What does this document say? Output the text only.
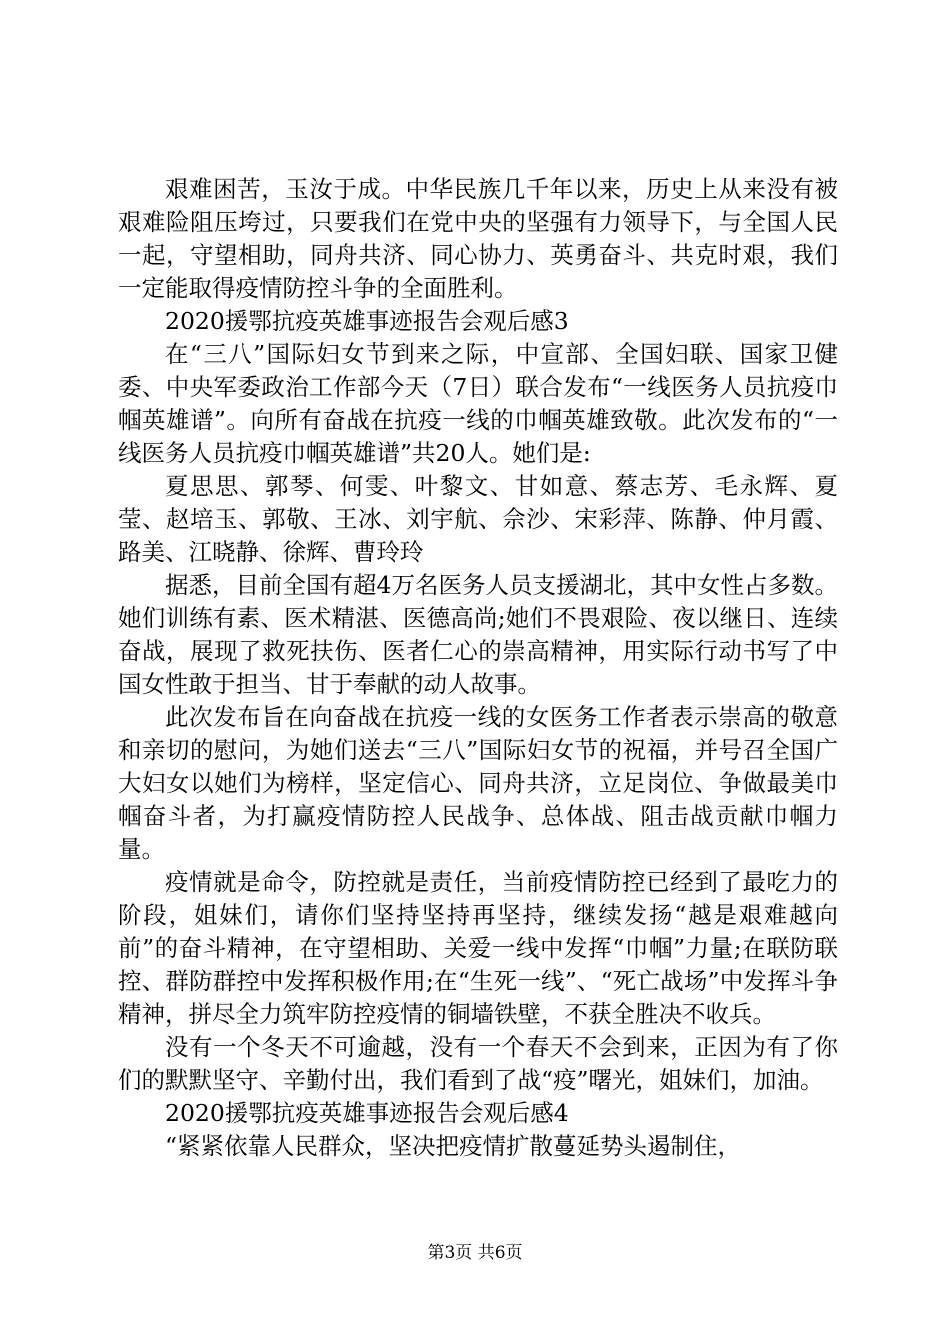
艰难困苦，玉汝于成。中华民族几千年以来，历史上从来没有被艰难险阻压垮过，只要我们在党中央的坚强有力领导下，与全国人民一起，守望相助，同舟共济、同心协力、英勇奋斗、共克时艰，我们一定能取得疫情防控斗争的全面胜利。

2020援鄂抗疫英雄事迹报告会观后感3

在“三八”国际妇女节到来之际，中宣部、全国妇联、国家卫健委、中央军委政治工作部今天（7日）联合发布“一线医务人员抗疫巾帼英雄谱”。向所有奋战在抗疫一线的巾帼英雄致敬。此次发布的“一线医务人员抗疫巾帼英雄谱”共20人。她们是:

夏思思、郭琴、何雯、叶黎文、甘如意、蔡志芳、毛永辉、夏莹、赵培玉、郭敬、王冰、刘宇航、佘沙、宋彩萍、陈静、仲月霞、路美、江晓静、徐辉、曹玲玲

据悉，目前全国有超4万名医务人员支援湖北，其中女性占多数。她们训练有素、医术精湛、医德高尚;她们不畏艰险、夜以继日、连续奋战，展现了救死扶伤、医者仁心的崇高精神，用实际行动书写了中国女性敢于担当、甘于奉献的动人故事。

此次发布旨在向奋战在抗疫一线的女医务工作者表示崇高的敬意和亲切的慰问，为她们送去“三八”国际妇女节的祝福，并号召全国广大妇女以她们为榜样，坚定信心、同舟共济，立足岗位、争做最美巾帼奋斗者，为打赢疫情防控人民战争、总体战、阻击战贡献巾帼力量。

疫情就是命令，防控就是责任，当前疫情防控已经到了最吃力的阶段，姐妹们，请你们坚持坚持再坚持，继续发扬“越是艰难越向前”的奋斗精神，在守望相助、关爱一线中发挥“巾帼”力量;在联防联控、群防群控中发挥积极作用;在“生死一线”、“死亡战场”中发挥斗争精神，拼尽全力筑牢防控疫情的铜墙铁壁，不获全胜决不收兵。

没有一个冬天不可逾越，没有一个春天不会到来，正因为有了你们的默默坚守、辛勤付出，我们看到了战“疫”曙光，姐妹们，加油。

2020援鄂抗疫英雄事迹报告会观后感4

“紧紧依靠人民群众，坚决把疫情扩散蔓延势头遏制住，

第3页 共6页
